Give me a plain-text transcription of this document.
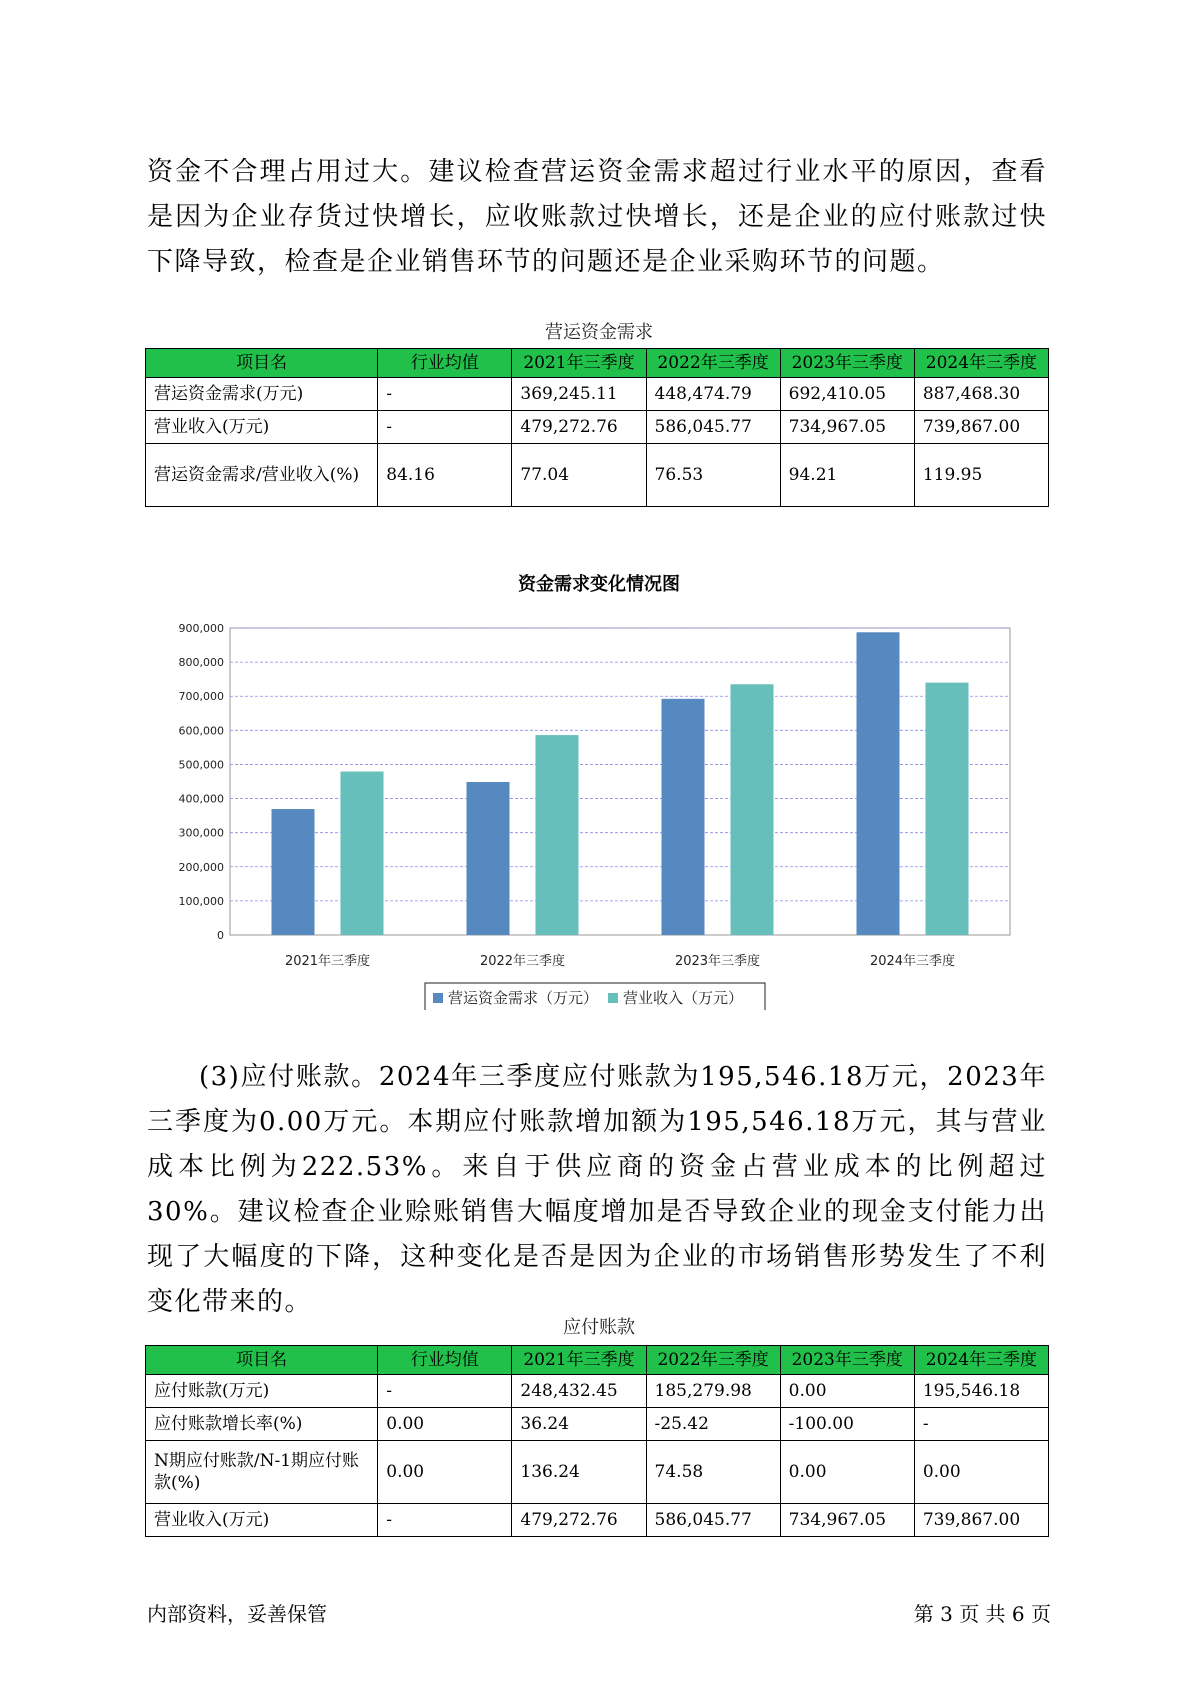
资金不合理占用过大。建议检查营运资金需求超过行业水平的原因，查看是因为企业存货过快增长，应收账款过快增长，还是企业的应付账款过快下降导致，检查是企业销售环节的问题还是企业采购环节的问题。

营运资金需求
项目名	行业均值	2021年三季度	2022年三季度	2023年三季度	2024年三季度
营运资金需求(万元)	-	369,245.11	448,474.79	692,410.05	887,468.30
营业收入(万元)	-	479,272.76	586,045.77	734,967.05	739,867.00
营运资金需求/营业收入(%)	84.16	77.04	76.53	94.21	119.95
资金需求变化情况图
0
100,000
200,000
300,000
400,000
500,000
600,000
700,000
800,000
900,000
2021年三季度	2022年三季度	2023年三季度	2024年三季度
营运资金需求（万元） 营业收入（万元）

(3)应付账款。2024年三季度应付账款为195,546.18万元，2023年三季度为0.00万元。本期应付账款增加额为195,546.18万元，其与营业成本比例为222.53%。来自于供应商的资金占营业成本的比例超过30%。建议检查企业赊账销售大幅度增加是否导致企业的现金支付能力出现了大幅度的下降，这种变化是否是因为企业的市场销售形势发生了不利变化带来的。

应付账款
项目名	行业均值	2021年三季度	2022年三季度	2023年三季度	2024年三季度
应付账款(万元)	-	248,432.45	185,279.98	0.00	195,546.18
应付账款增长率(%)	0.00	36.24	-25.42	-100.00	-
N期应付账款/N-1期应付账款(%)	0.00	136.24	74.58	0.00	0.00
营业收入(万元)	-	479,272.76	586,045.77	734,967.05	739,867.00
内部资料，妥善保管	第 3 页 共 6 页
